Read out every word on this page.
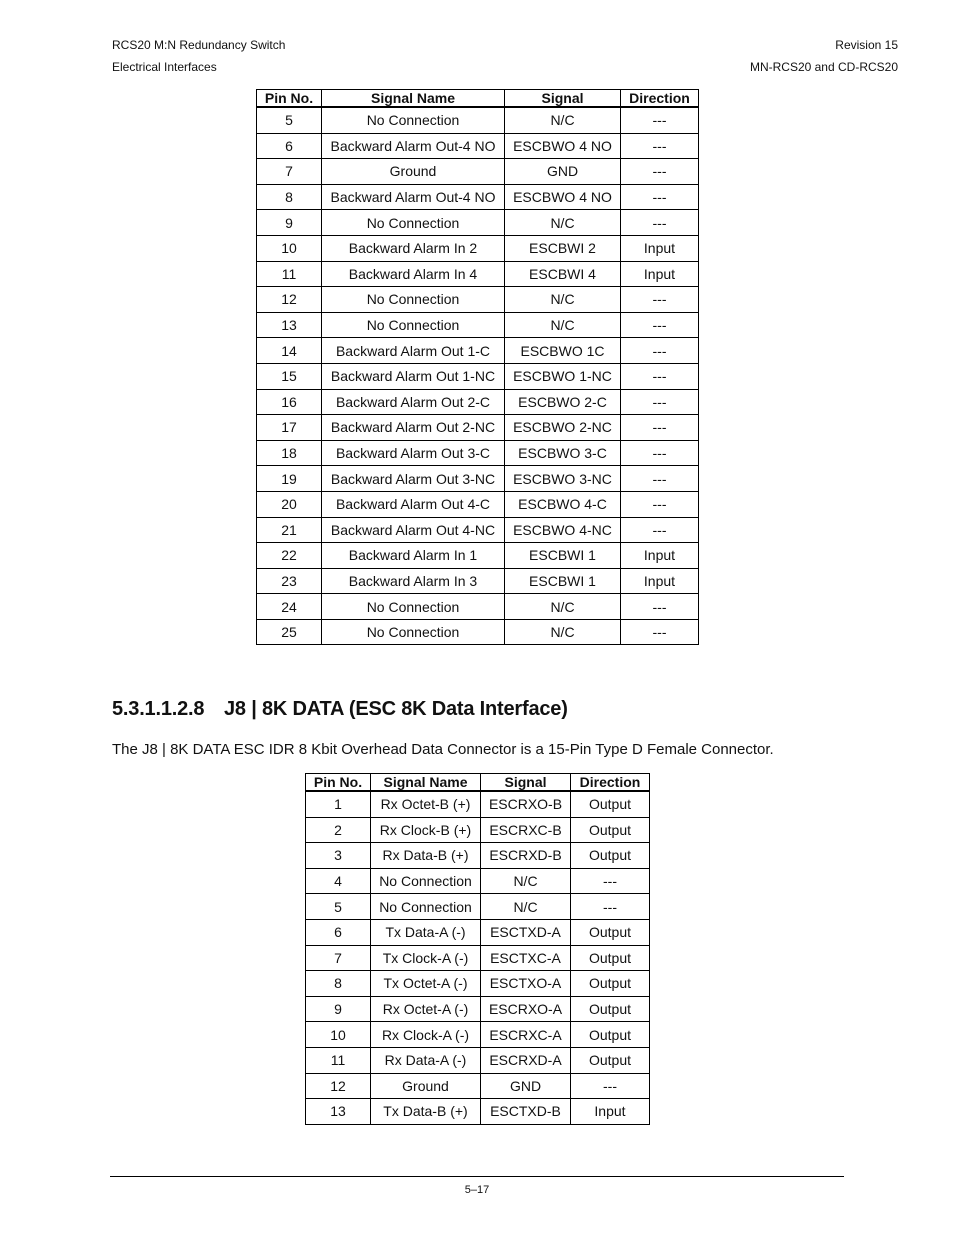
RCS20 M:N Redundancy Switch
Electrical Interfaces
Revision 15
MN-RCS20 and CD-RCS20
Pin No.	Signal Name	Signal	Direction
5	No Connection	N/C	---
6	Backward Alarm Out-4 NO	ESCBWO 4 NO	---
7	Ground	GND	---
8	Backward Alarm Out-4 NO	ESCBWO 4 NO	---
9	No Connection	N/C	---
10	Backward Alarm In 2	ESCBWI 2	Input
11	Backward Alarm In 4	ESCBWI 4	Input
12	No Connection	N/C	---
13	No Connection	N/C	---
14	Backward Alarm Out 1-C	ESCBWO 1C	---
15	Backward Alarm Out 1-NC	ESCBWO 1-NC	---
16	Backward Alarm Out 2-C	ESCBWO 2-C	---
17	Backward Alarm Out 2-NC	ESCBWO 2-NC	---
18	Backward Alarm Out 3-C	ESCBWO 3-C	---
19	Backward Alarm Out 3-NC	ESCBWO 3-NC	---
20	Backward Alarm Out 4-C	ESCBWO 4-C	---
21	Backward Alarm Out 4-NC	ESCBWO 4-NC	---
22	Backward Alarm In 1	ESCBWI 1	Input
23	Backward Alarm In 3	ESCBWI 1	Input
24	No Connection	N/C	---
25	No Connection	N/C	---
5.3.1.1.2.8 J8 | 8K DATA (ESC 8K Data Interface)

The J8 | 8K DATA ESC IDR 8 Kbit Overhead Data Connector is a 15-Pin Type D Female Connector.

Pin No.	Signal Name	Signal	Direction
1	Rx Octet-B (+)	ESCRXO-B	Output
2	Rx Clock-B (+)	ESCRXC-B	Output
3	Rx Data-B (+)	ESCRXD-B	Output
4	No Connection	N/C	---
5	No Connection	N/C	---
6	Tx Data-A (-)	ESCTXD-A	Output
7	Tx Clock-A (-)	ESCTXC-A	Output
8	Tx Octet-A (-)	ESCTXO-A	Output
9	Rx Octet-A (-)	ESCRXO-A	Output
10	Rx Clock-A (-)	ESCRXC-A	Output
11	Rx Data-A (-)	ESCRXD-A	Output
12	Ground	GND	---
13	Tx Data-B (+)	ESCTXD-B	Input
5–17
